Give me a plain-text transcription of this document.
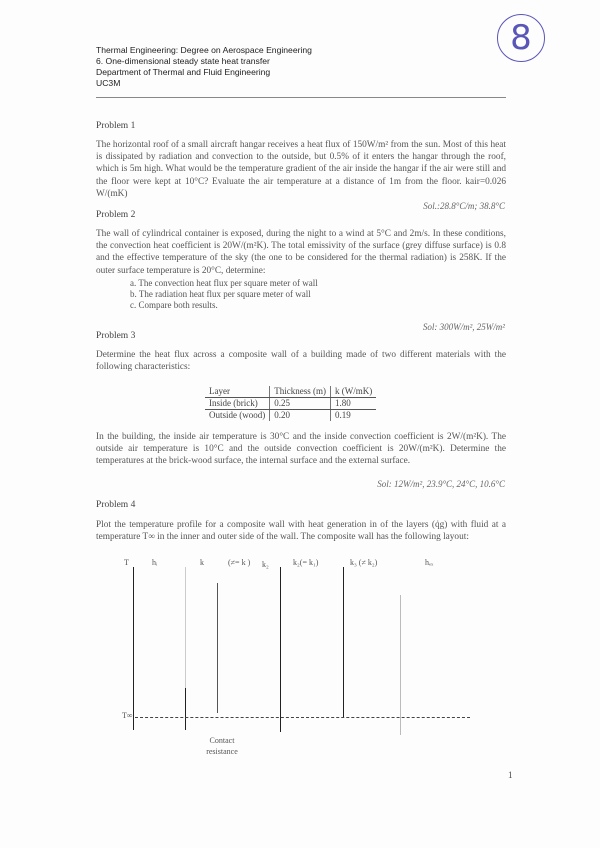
8
Thermal Engineering: Degree on Aerospace Engineering
6. One-dimensional steady state heat transfer
Department of Thermal and Fluid Engineering
UC3M
Problem 1
The horizontal roof of a small aircraft hangar receives a heat flux of 150W/m² from the sun. Most of this heat is dissipated by radiation and convection to the outside, but 0.5% of it enters the hangar through the roof, which is 5m high. What would be the temperature gradient of the air inside the hangar if the air were still and the floor were kept at 10°C? Evaluate the air temperature at a distance of 1m from the floor. kair=0.026 W/(mK)
Sol.:28.8°C/m; 38.8°C
Problem 2
The wall of cylindrical container is exposed, during the night to a wind at 5°C and 2m/s. In these conditions, the convection heat coefficient is 20W/(m²K). The total emissivity of the surface (grey diffuse surface) is 0.8 and the effective temperature of the sky (the one to be considered for the thermal radiation) is 258K. If the outer surface temperature is 20°C, determine:
a. The convection heat flux per square meter of wall
b. The radiation heat flux per square meter of wall
c. Compare both results.
Sol: 300W/m², 25W/m²
Problem 3
Determine the heat flux across a composite wall of a building made of two different materials with the following characteristics:
Layer	Thickness (m)	k (W/mK)
Inside (brick)	0.25	1.80
Outside (wood)	0.20	0.19
In the building, the inside air temperature is 30°C and the inside convection coefficient is 2W/(m²K). The outside air temperature is 10°C and the outside convection coefficient is 20W/(m²K). Determine the temperatures at the brick-wood surface, the internal surface and the external surface.
Sol: 12W/m², 23.9°C, 24°C, 10.6°C
Problem 4
Plot the temperature profile for a composite wall with heat generation in of the layers (q̇g) with fluid at a temperature T∞ in the inner and outer side of the wall. The composite wall has the following layout:
T
T∞
hᵢ	k	(≠= k ) k₂	k₂(= k₁)	k₃ (≠ k₂)	hₑₓ
Contact resistance
1
